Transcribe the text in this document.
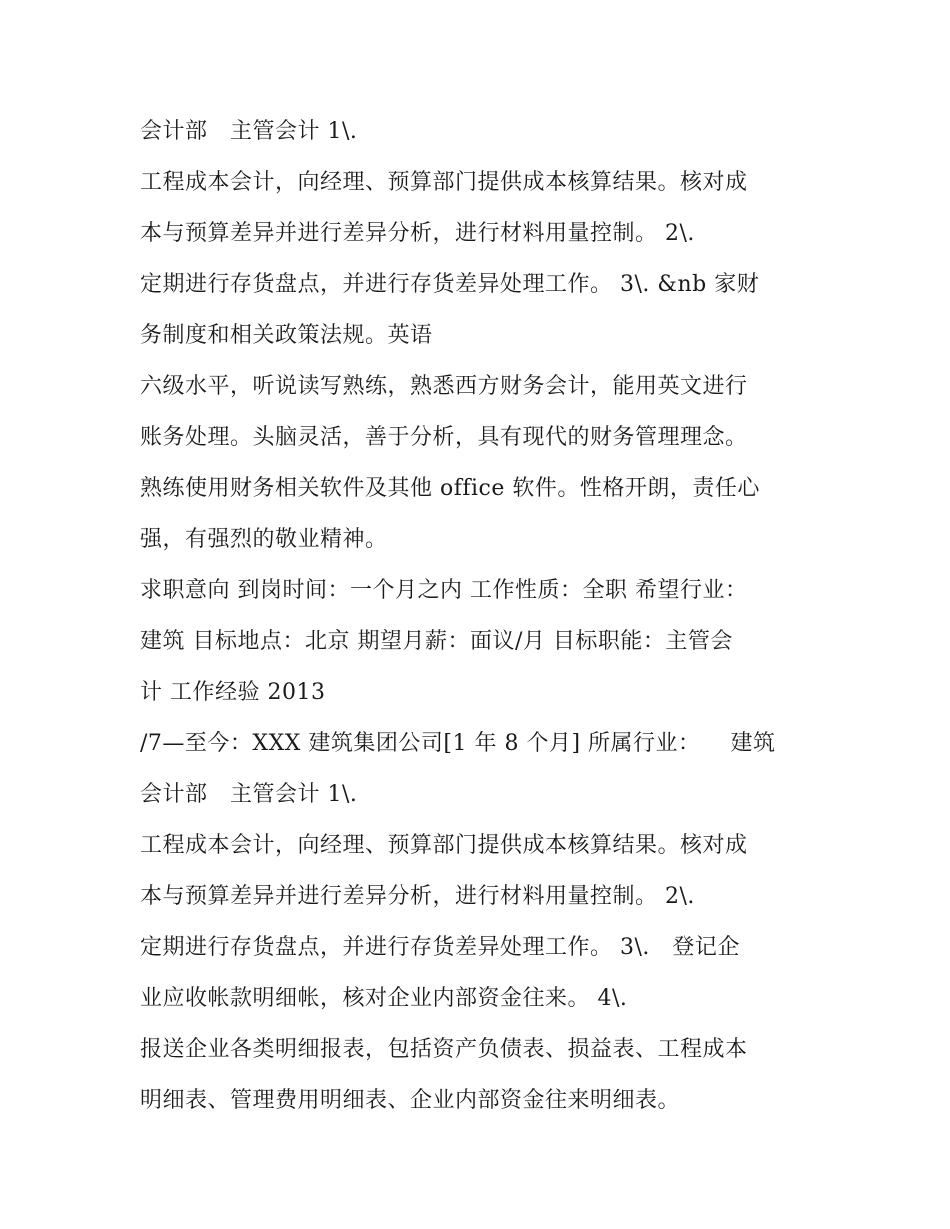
会计部   主管会计 1\.

工程成本会计，向经理、预算部门提供成本核算结果。核对成

本与预算差异并进行差异分析，进行材料用量控制。 2\.

定期进行存货盘点，并进行存货差异处理工作。 3\. &nb 家财

务制度和相关政策法规。英语

六级水平，听说读写熟练，熟悉西方财务会计，能用英文进行

账务处理。头脑灵活，善于分析，具有现代的财务管理理念。

熟练使用财务相关软件及其他 office 软件。性格开朗，责任心

强，有强烈的敬业精神。

求职意向 到岗时间：一个月之内 工作性质：全职 希望行业：

建筑 目标地点：北京 期望月薪：面议/月 目标职能：主管会

计 工作经验 2013

/7—至今：XXX 建筑集团公司[1 年 8 个月] 所属行业：    建筑

会计部   主管会计 1\.

工程成本会计，向经理、预算部门提供成本核算结果。核对成

本与预算差异并进行差异分析，进行材料用量控制。 2\.

定期进行存货盘点，并进行存货差异处理工作。 3\.   登记企

业应收帐款明细帐，核对企业内部资金往来。 4\.

报送企业各类明细报表，包括资产负债表、损益表、工程成本

明细表、管理费用明细表、企业内部资金往来明细表。
